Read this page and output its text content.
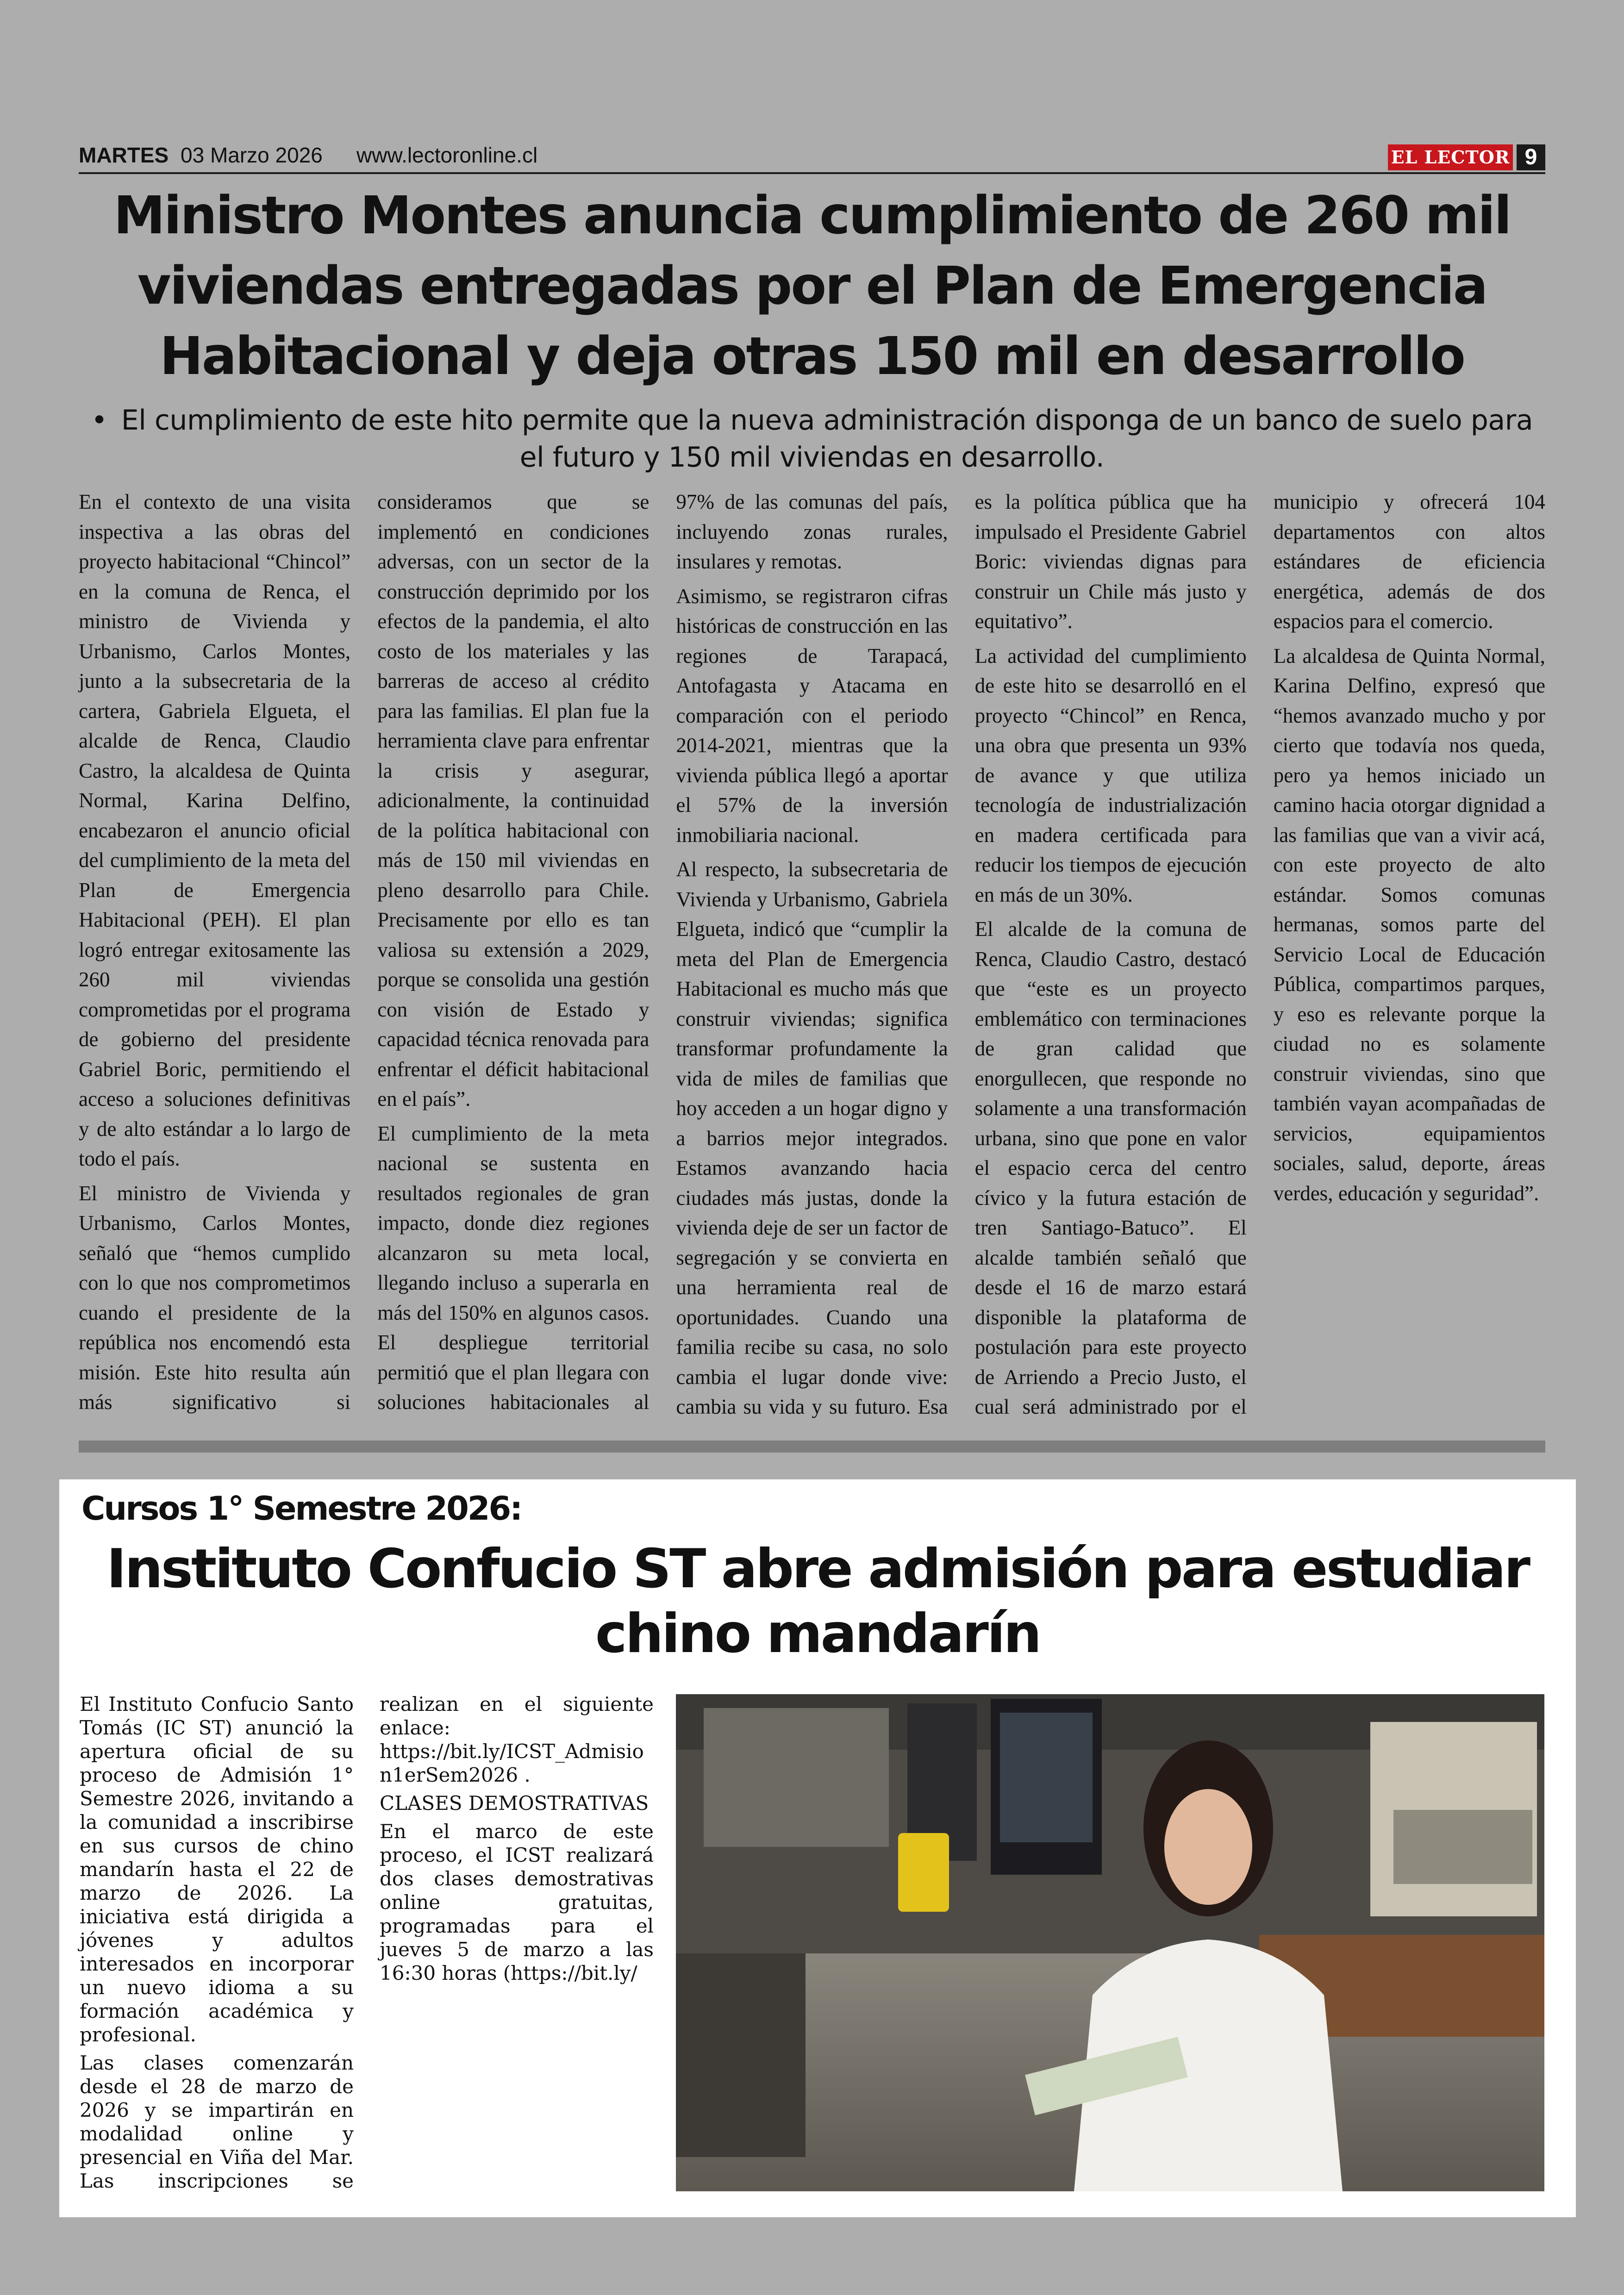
MARTES 03 Marzo 2026 www.lectoronline.cl	EL LECTOR 9
Ministro Montes anuncia cumplimiento de 260 mil viviendas entregadas por el Plan de Emergencia Habitacional y deja otras 150 mil en desarrollo
• El cumplimiento de este hito permite que la nueva administración disponga de un banco de suelo para el futuro y 150 mil viviendas en desarrollo.

En el contexto de una visita inspectiva a las obras del proyecto habitacional “Chincol” en la comuna de Renca, el ministro de Vivienda y Urbanismo, Carlos Montes, junto a la subsecretaria de la cartera, Gabriela Elgueta, el alcalde de Renca, Claudio Castro, la alcaldesa de Quinta Normal, Karina Delfino, encabezaron el anuncio oficial del cumplimiento de la meta del Plan de Emergencia Habitacional (PEH). El plan logró entregar exitosamente las 260 mil viviendas comprometidas por el programa de gobierno del presidente Gabriel Boric, permitiendo el acceso a soluciones definitivas y de alto estándar a lo largo de todo el país.

El ministro de Vivienda y Urbanismo, Carlos Montes, señaló que “hemos cumplido con lo que nos comprometimos cuando el presidente de la república nos encomendó esta misión. Este hito resulta aún más significativo si consideramos que se implementó en condiciones adversas, con un sector de la construcción deprimido por los efectos de la pandemia, el alto costo de los materiales y las barreras de acceso al crédito para las familias. El plan fue la herramienta clave para enfrentar la crisis y asegurar, adicionalmente, la continuidad de la política habitacional con más de 150 mil viviendas en pleno desarrollo para Chile. Precisamente por ello es tan valiosa su extensión a 2029, porque se consolida una gestión con visión de Estado y capacidad técnica renovada para enfrentar el déficit habitacional en el país”.

El cumplimiento de la meta nacional se sustenta en resultados regionales de gran impacto, donde diez regiones alcanzaron su meta local, llegando incluso a superarla en más del 150% en algunos casos. El despliegue territorial permitió que el plan llegara con soluciones habitacionales al 97% de las comunas del país, incluyendo zonas rurales, insulares y remotas.

Asimismo, se registraron cifras históricas de construcción en las regiones de Tarapacá, Antofagasta y Atacama en comparación con el periodo 2014-2021, mientras que la vivienda pública llegó a aportar el 57% de la inversión inmobiliaria nacional.

Al respecto, la subsecretaria de Vivienda y Urbanismo, Gabriela Elgueta, indicó que “cumplir la meta del Plan de Emergencia Habitacional es mucho más que construir viviendas; significa transformar profundamente la vida de miles de familias que hoy acceden a un hogar digno y a barrios mejor integrados. Estamos avanzando hacia ciudades más justas, donde la vivienda deje de ser un factor de segregación y se convierta en una herramienta real de oportunidades. Cuando una familia recibe su casa, no solo cambia el lugar donde vive: cambia su vida y su futuro. Esa es la política pública que ha impulsado el Presidente Gabriel Boric: viviendas dignas para construir un Chile más justo y equitativo”.

La actividad del cumplimiento de este hito se desarrolló en el proyecto “Chincol” en Renca, una obra que presenta un 93% de avance y que utiliza tecnología de industrialización en madera certificada para reducir los tiempos de ejecución en más de un 30%.

El alcalde de la comuna de Renca, Claudio Castro, destacó que “este es un proyecto emblemático con terminaciones de gran calidad que enorgullecen, que responde no solamente a una transformación urbana, sino que pone en valor el espacio cerca del centro cívico y la futura estación de tren Santiago-Batuco”. El alcalde también señaló que desde el 16 de marzo estará disponible la plataforma de postulación para este proyecto de Arriendo a Precio Justo, el cual será administrado por el municipio y ofrecerá 104 departamentos con altos estándares de eficiencia energética, además de dos espacios para el comercio.

La alcaldesa de Quinta Normal, Karina Delfino, expresó que “hemos avanzado mucho y por cierto que todavía nos queda, pero ya hemos iniciado un camino hacia otorgar dignidad a las familias que van a vivir acá, con este proyecto de alto estándar. Somos comunas hermanas, somos parte del Servicio Local de Educación Pública, compartimos parques, y eso es relevante porque la ciudad no es solamente construir viviendas, sino que también vayan acompañadas de servicios, equipamientos sociales, salud, deporte, áreas verdes, educación y seguridad”.

Cursos 1° Semestre 2026:
Instituto Confucio ST abre admisión para estudiar chino mandarín

El Instituto Confucio Santo Tomás (IC ST) anunció la apertura oficial de su proceso de Admisión 1° Semestre 2026, invitando a la comunidad a inscribirse en sus cursos de chino mandarín hasta el 22 de marzo de 2026. La iniciativa está dirigida a jóvenes y adultos interesados en incorporar un nuevo idioma a su formación académica y profesional.

Las clases comenzarán desde el 28 de marzo de 2026 y se impartirán en modalidad online y presencial en Viña del Mar. Las inscripciones se realizan en el siguiente enlace: https://bit.ly/ICST_Admision1erSem2026 .

CLASES DEMOSTRATIVAS

En el marco de este proceso, el ICST realizará dos clases demostrativas online gratuitas, programadas para el jueves 5 de marzo a las 16:30 horas (https://bit.ly/
